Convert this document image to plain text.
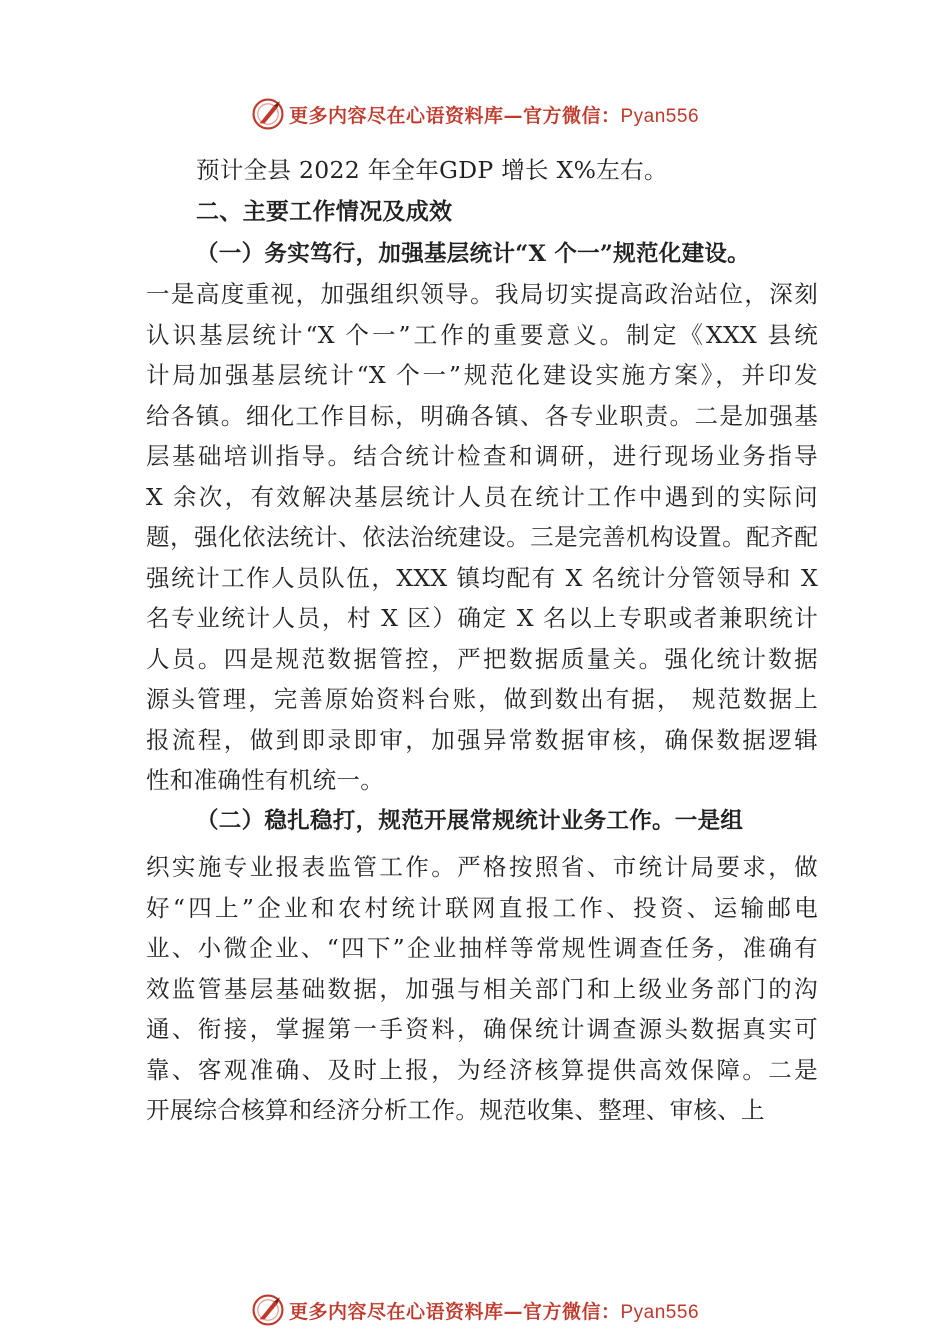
更多内容尽在心语资料库—官方微信：Pyan556
预计全县 2022 年全年GDP 增长 X%左右。
二、主要工作情况及成效
（一）务实笃行，加强基层统计“X 个一”规范化建设。
一是高度重视，加强组织领导。我局切实提高政治站位，深刻
认识基层统计“X 个一”工作的重要意义。制定《XXX 县统
计局加强基层统计“X 个一”规范化建设实施方案》，并印发
给各镇。细化工作目标，明确各镇、各专业职责。二是加强基
层基础培训指导。结合统计检查和调研，进行现场业务指导
X 余次，有效解决基层统计人员在统计工作中遇到的实际问
题，强化依法统计、依法治统建设。三是完善机构设置。配齐配
强统计工作人员队伍，XXX 镇均配有 X 名统计分管领导和 X
名专业统计人员，村 X 区）确定 X 名以上专职或者兼职统计
人员。四是规范数据管控，严把数据质量关。强化统计数据
源头管理，完善原始资料台账，做到数出有据， 规范数据上
报流程，做到即录即审，加强异常数据审核，确保数据逻辑
性和准确性有机统一。
（二）稳扎稳打，规范开展常规统计业务工作。一是组
织实施专业报表监管工作。严格按照省、市统计局要求，做
好“四上”企业和农村统计联网直报工作、投资、运输邮电
业、小微企业、“四下”企业抽样等常规性调查任务，准确有
效监管基层基础数据，加强与相关部门和上级业务部门的沟
通、衔接，掌握第一手资料，确保统计调查源头数据真实可
靠、客观准确、及时上报，为经济核算提供高效保障。二是
开展综合核算和经济分析工作。规范收集、整理、审核、上
更多内容尽在心语资料库—官方微信：Pyan556
